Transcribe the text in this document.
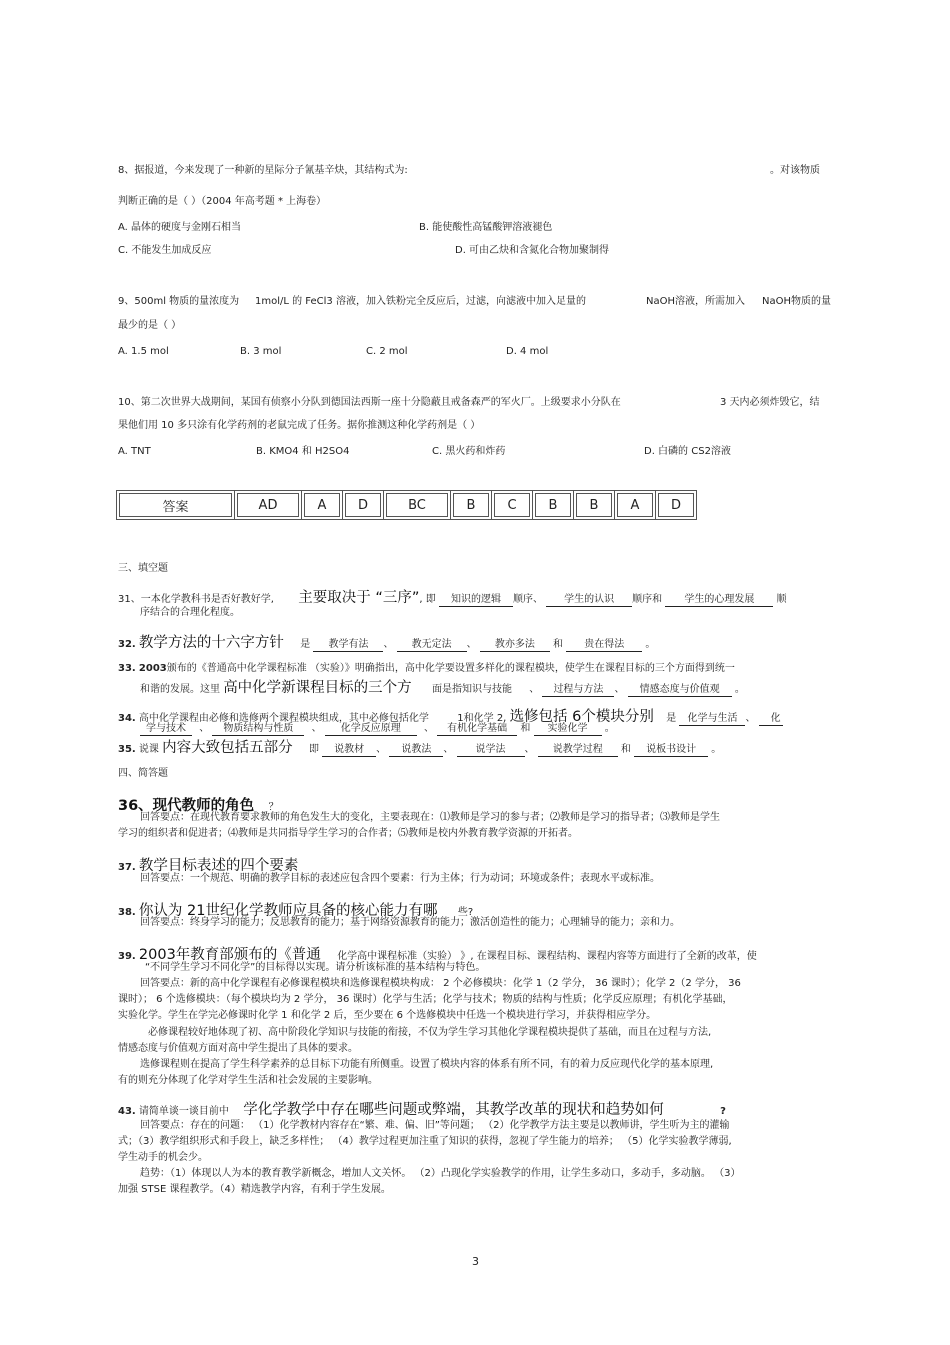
8、据报道，今来发现了一种新的星际分子氰基辛炔，其结构式为:	。对该物质
判断正确的是（ ）（2004 年高考题 * 上海卷）
A. 晶体的硬度与金刚石相当	B. 能使酸性高锰酸钾溶液褪色
C. 不能发生加成反应	D. 可由乙炔和含氮化合物加聚制得
9、500ml 物质的量浓度为 1mol/L 的 FeCl3 溶液，加入铁粉完全反应后，过滤，向滤液中加入足量的	NaOH溶液，所需加入 NaOH物质的量
最少的是（ ）
A. 1.5 mol	B. 3 mol	C. 2 mol	D. 4 mol
10、第二次世界大战期间，某国有侦察小分队到德国法西斯一座十分隐蔽且戒备森严的军火厂。上级要求小分队在	3 天内必须炸毁它，结
果他们用 10 多只涂有化学药剂的老鼠完成了任务。据你推测这种化学药剂是（ ）
A. TNT	B. KMO4 和 H2SO4	C. 黑火药和炸药	D. 白磷的 CS2溶液
答案	AD	A	D	BC	B	C	B	B	A	D
三、填空题
31、一本化学教科书是否好教好学, 主要取决于 “三序”, 即 知识的逻辑 顺序、 学生的认识 顺序和 学生的心理发展 顺
序结合的合理化程度。
32. 教学方法的十六字方针 是 教学有法 、 教无定法 、 教亦多法 和 贵在得法 。
33. 2003颁布的《普通高中化学课程标准 （实验）》明确指出，高中化学要设置多样化的课程模块，使学生在课程目标的三个方面得到统一
和谐的发展。这里 高中化学新课程目标的三个方 面是指知识与技能 、 过程与方法 、 情感态度与价值观 。
34. 高中化学课程由必修和选修两个课程模块组成，其中必修包括化学	1和化学 2, 选修包括 6个模块分别 是 化学与生活 、 化
学与技术 、 物质结构与性质 、 化学反应原理 、 有机化学基础 和 实验化学 。
35. 说课 内容大致包括五部分 即 说教材 、 说教法 、 说学法 、 说教学过程 和 说板书设计 。
四、简答题
36、现代教师的角色 ？
回答要点：在现代教育要求教师的角色发生大的变化，主要表现在：⑴教师是学习的参与者；⑵教师是学习的指导者；⑶教师是学生
学习的组织者和促进者；⑷教师是共同指导学生学习的合作者；⑸教师是校内外教育教学资源的开拓者。
37. 教学目标表述的四个要素
回答要点：一个规范、明确的教学目标的表述应包含四个要素：行为主体；行为动词；环境或条件；表现水平或标准。
38. 你认为 21世纪化学教师应具备的核心能力有哪 些?
回答要点：终身学习的能力；反思教育的能力；基于网络资源教育的能力；激活创造性的能力；心理辅导的能力；亲和力。
39. 2003年教育部颁布的《普通 化学高中课程标准（实验） 》, 在课程目标、课程结构、课程内容等方面进行了全新的改革，使
“不同学生学习不同化学”的目标得以实现。请分析该标准的基本结构与特色。
回答要点：新的高中化学课程有必修课程模块和选修课程模块构成： 2 个必修模块：化学 1（2 学分， 36 课时）；化学 2（2 学分， 36
课时）； 6 个选修模块：（每个模块均为 2 学分， 36 课时）化学与生活；化学与技术；物质的结构与性质；化学反应原理；有机化学基础，
实验化学。学生在学完必修课时化学 1 和化学 2 后，至少要在 6 个选修模块中任选一个模块进行学习，并获得相应学分。
必修课程较好地体现了初、高中阶段化学知识与技能的衔接，不仅为学生学习其他化学课程模块提供了基础，而且在过程与方法,
情感态度与价值观方面对高中学生提出了具体的要求。
选修课程则在提高了学生科学素养的总目标下功能有所侧重。设置了模块内容的体系有所不同，有的着力反应现代化学的基本原理,
有的则充分体现了化学对学生生活和社会发展的主要影响。
43. 请简单谈一谈目前中 学化学教学中存在哪些问题或弊端，其教学改革的现状和趋势如何	?
回答要点：存在的问题： （1）化学教材内容存在“繁、难、偏、旧”等问题； （2）化学教学方法主要是以教师讲，学生听为主的灌输
式；（3）教学组织形式和手段上，缺乏多样性； （4）教学过程更加注重了知识的获得，忽视了学生能力的培养； （5）化学实验教学薄弱,
学生动手的机会少。
趋势：（1）体现以人为本的教育教学新概念，增加人文关怀。 （2）凸现化学实验教学的作用，让学生多动口，多动手，多动脑。 （3）
加强 STSE 课程教学。（4）精选教学内容，有利于学生发展。
3
